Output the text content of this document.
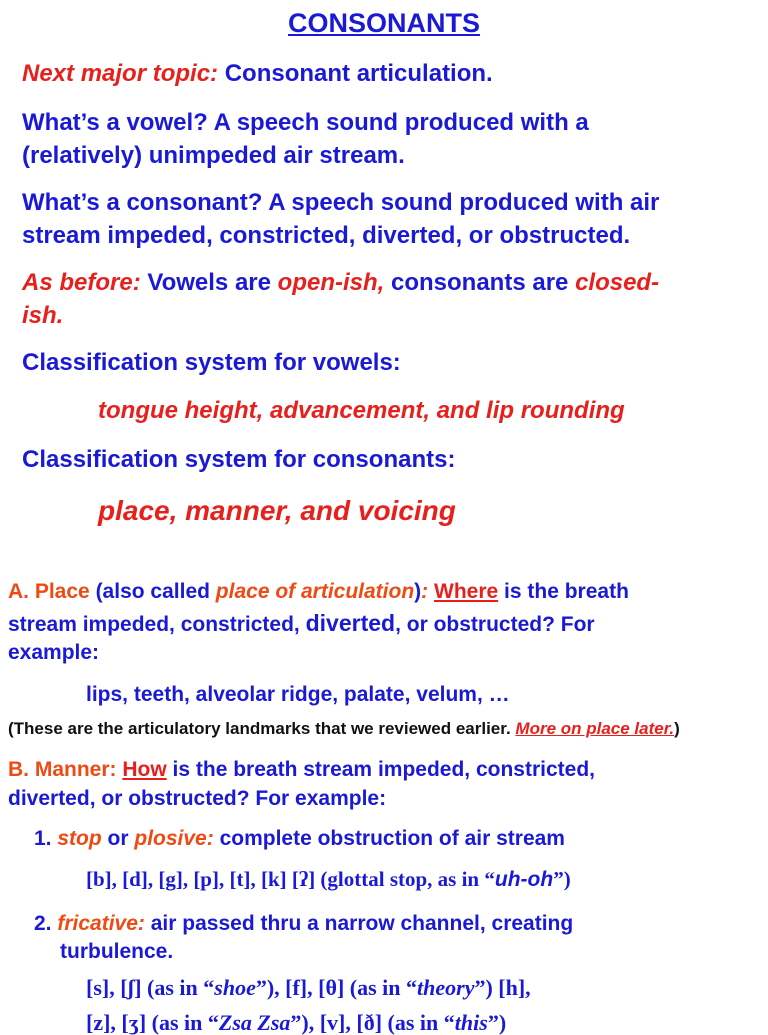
CONSONANTS
Next major topic: Consonant articulation.
What’s a vowel? A speech sound produced with a
(relatively) unimpeded air stream.
What’s a consonant? A speech sound produced with air
stream impeded, constricted, diverted, or obstructed.
As before: Vowels are open-ish, consonants are closed-
ish.
Classification system for vowels:
tongue height, advancement, and lip rounding
Classification system for consonants:
place, manner, and voicing
A. Place (also called place of articulation): Where is the breath
stream impeded, constricted, diverted, or obstructed? For
example:
lips, teeth, alveolar ridge, palate, velum, …
(These are the articulatory landmarks that we reviewed earlier. More on place later.)
B. Manner: How is the breath stream impeded, constricted,
diverted, or obstructed? For example:
1. stop or plosive: complete obstruction of air stream
[b], [d], [g], [p], [t], [k] [ʔ] (glottal stop, as in “uh-oh”)
2. fricative: air passed thru a narrow channel, creating
turbulence.
[s], [ʃ] (as in “shoe”), [f], [θ] (as in “theory”) [h],
[z], [ʒ] (as in “Zsa Zsa”), [v], [ð] (as in “this”)
